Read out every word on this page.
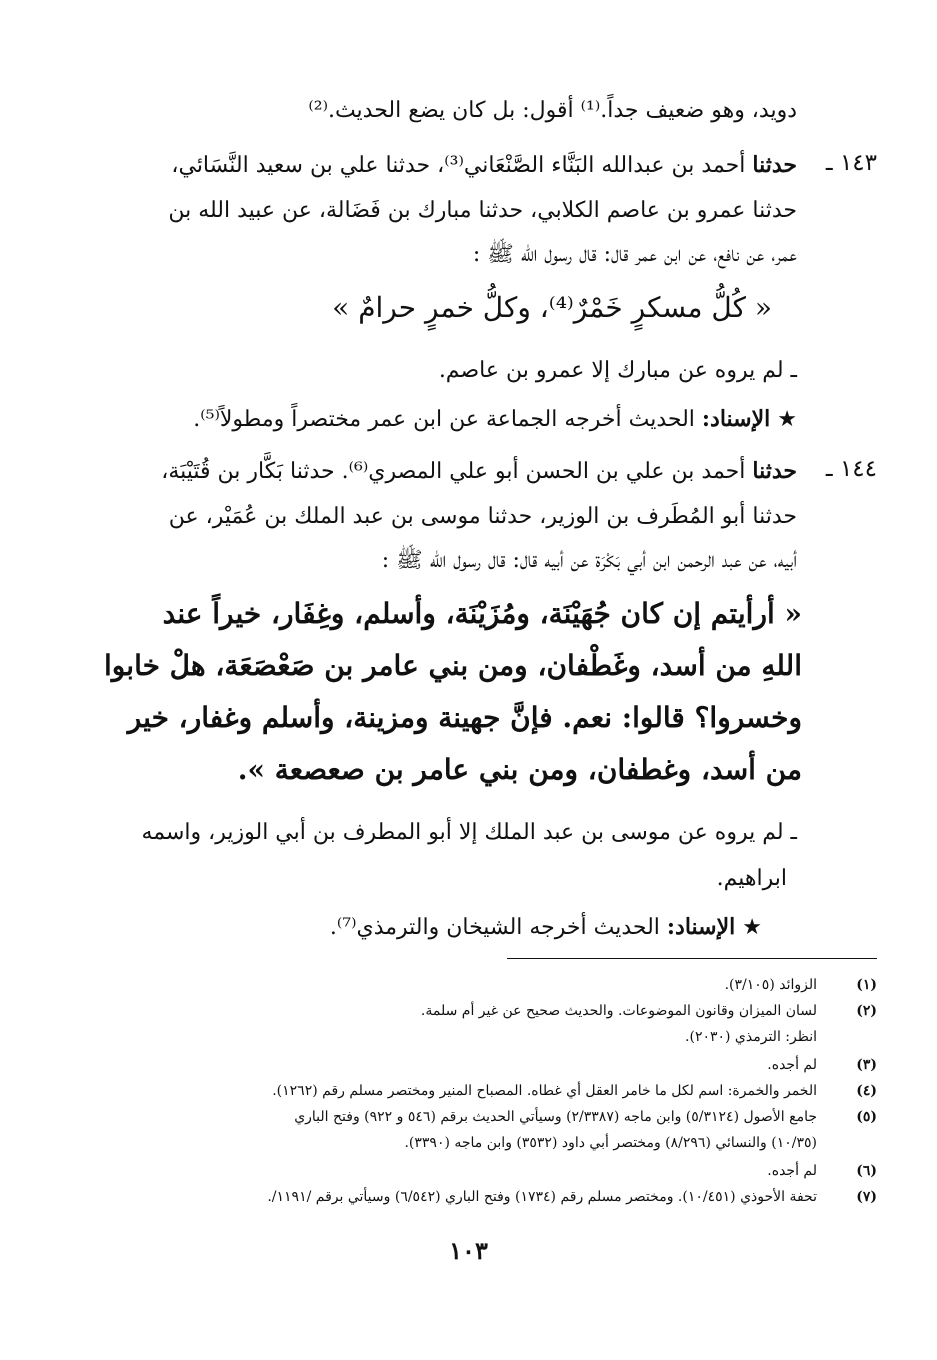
دويد، وهو ضعيف جداً.⁽¹⁾ أقول: بل كان يضع الحديث.⁽²⁾
١٤٣ ـ
حدثنا أحمد بن عبدالله البَنَّاء الصَّنْعَاني⁽³⁾، حدثنا علي بن سعيد النَّسَائي،
حدثنا عمرو بن عاصم الكلابي، حدثنا مبارك بن فَضَالة، عن عبيد الله بن
عمر، عن نافع، عن ابن عمر قال: قال رسول الله ﷺ :
« كُلُّ مسكرٍ خَمْرٌ⁽⁴⁾، وكلُّ خمرٍ حرامٌ »
ـ لم يروه عن مبارك إلا عمرو بن عاصم.
★ الإسناد: الحديث أخرجه الجماعة عن ابن عمر مختصراً ومطولاً⁽⁵⁾.
١٤٤ ـ
حدثنا أحمد بن علي بن الحسن أبو علي المصري⁽⁶⁾. حدثنا بَكَّار بن قُتَيْبَة،
حدثنا أبو المُطَرف بن الوزير، حدثنا موسى بن عبد الملك بن عُمَيْر، عن
أبيه، عن عبد الرحمن ابن أبي بَكْرَة عن أبيه قال: قال رسول الله ﷺ :
« أرأيتم إن كان جُهَيْنَة، ومُزَيْنَة، وأسلم، وغِفَار، خيراً عند
اللهِ من أسد، وغَطْفان، ومن بني عامر بن صَعْصَعَة، هلْ خابوا
وخسروا؟ قالوا: نعم. فإنَّ جهينة ومزينة، وأسلم وغفار، خير
من أسد، وغطفان، ومن بني عامر بن صعصعة ».
ـ لم يروه عن موسى بن عبد الملك إلا أبو المطرف بن أبي الوزير، واسمه
ابراهيم.
★ الإسناد: الحديث أخرجه الشيخان والترمذي⁽⁷⁾.
(١)الزوائد (٣/١٠٥).
(٢)لسان الميزان وقانون الموضوعات. والحديث صحيح عن غير أم سلمة.
انظر: الترمذي (٢٠٣٠).
(٣)لم أجده.
(٤)الخمر والخمرة: اسم لكل ما خامر العقل أي غطاه. المصباح المنير ومختصر مسلم رقم (١٢٦٢).
(٥)جامع الأصول (٥/٣١٢٤) وابن ماجه (٢/٣٣٨٧) وسيأتي الحديث برقم (٥٤٦ و ٩٢٢) وفتح الباري
(١٠/٣٥) والنسائي (٨/٢٩٦) ومختصر أبي داود (٣٥٣٢) وابن ماجه (٣٣٩٠).
(٦)لم أجده.
(٧)تحفة الأحوذي (١٠/٤٥١). ومختصر مسلم رقم (١٧٣٤) وفتح الباري (٦/٥٤٢) وسيأتي برقم /١١٩١/.
١٠٣
